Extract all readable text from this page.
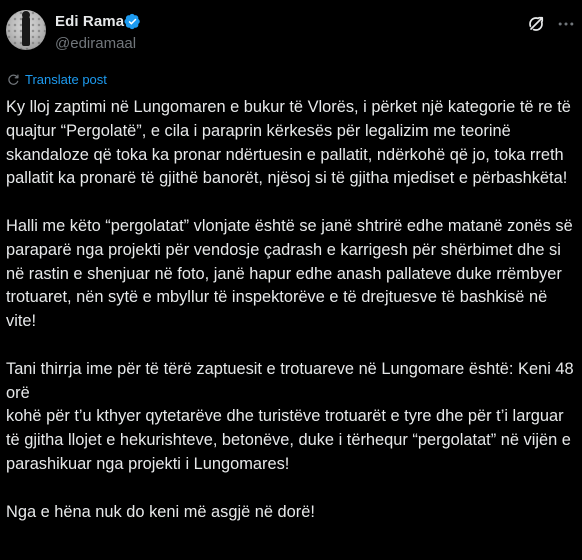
Edi Rama
@ediramaal
Translate post

Ky lloj zaptimi në Lungomaren e bukur të Vlorës, i përket një kategorie të re të quajtur “Pergolatë”, e cila i paraprin kërkesës për legalizim me teorinë skandaloze që toka ka pronar ndërtuesin e pallatit, ndërkohë që jo, toka rreth pallatit ka pronarë të gjithë banorët, njësoj si të gjitha mjediset e përbashkëta!

Halli me këto “pergolatat” vlonjate është se janë shtrirë edhe matanë zonës së paraparë nga projekti për vendosje çadrash e karrigesh për shërbimet dhe si në rastin e shenjuar në foto, janë hapur edhe anash pallateve duke rrëmbyer trotuaret, nën sytë e mbyllur të inspektorëve e të drejtuesve të bashkisë në vite!

Tani thirrja ime për të tërë zaptuesit e trotuareve në Lungomare është: Keni 48 orë
kohë për t’u kthyer qytetarëve dhe turistëve trotuarët e tyre dhe për t’i larguar të gjitha llojet e hekurishteve, betonëve, duke i tërhequr “pergolatat” në vijën e parashikuar nga projekti i Lungomares!

Nga e hëna nuk do keni më asgjë në dorë!
